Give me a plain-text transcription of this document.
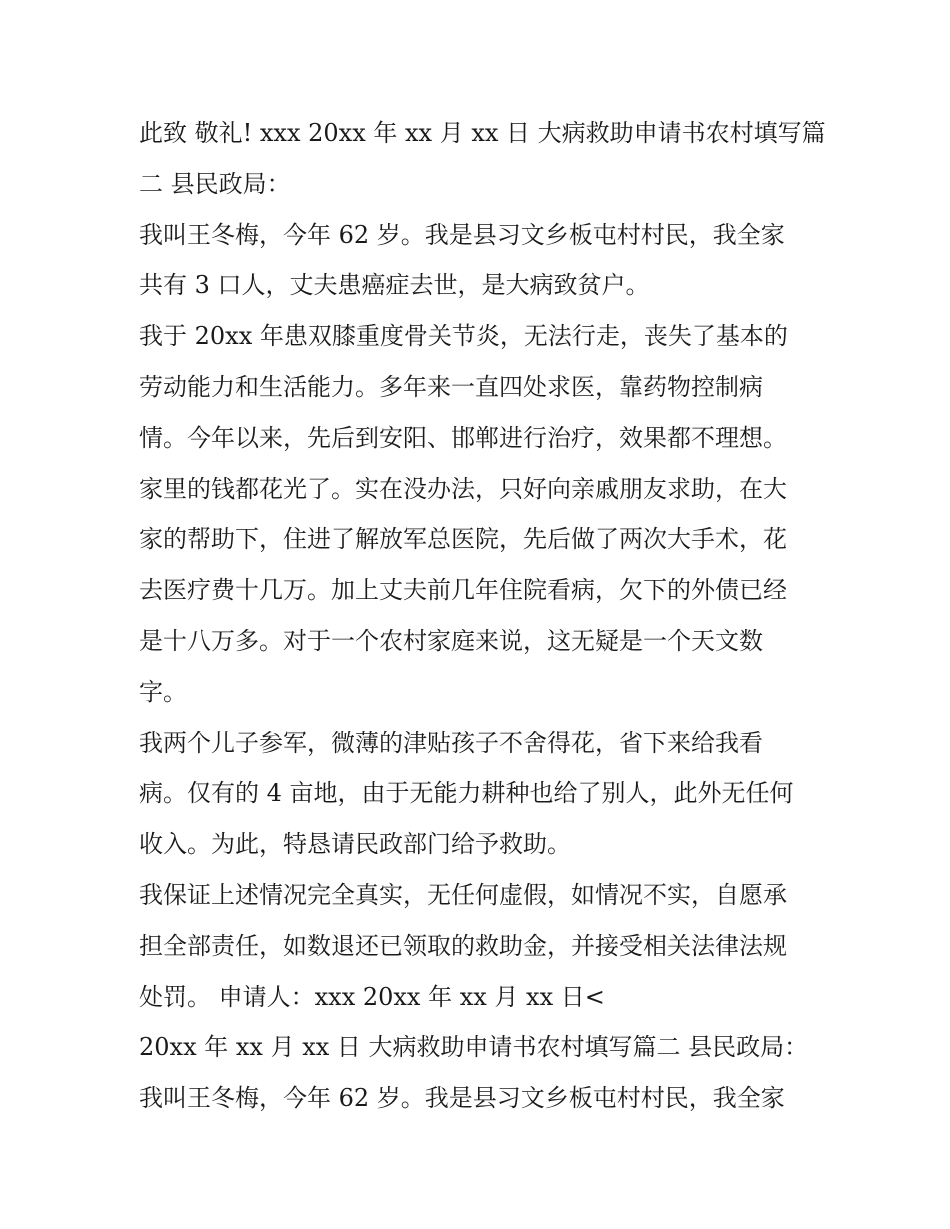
此致 敬礼! xxx 20xx 年 xx 月 xx 日 大病救助申请书农村填写篇
二 县民政局：
我叫王冬梅，今年 62 岁。我是县习文乡板屯村村民，我全家
共有 3 口人，丈夫患癌症去世，是大病致贫户。
我于 20xx 年患双膝重度骨关节炎，无法行走，丧失了基本的
劳动能力和生活能力。多年来一直四处求医，靠药物控制病
情。今年以来，先后到安阳、邯郸进行治疗，效果都不理想。
家里的钱都花光了。实在没办法，只好向亲戚朋友求助，在大
家的帮助下，住进了解放军总医院，先后做了两次大手术，花
去医疗费十几万。加上丈夫前几年住院看病，欠下的外债已经
是十八万多。对于一个农村家庭来说，这无疑是一个天文数
字。
我两个儿子参军，微薄的津贴孩子不舍得花，省下来给我看
病。仅有的 4 亩地，由于无能力耕种也给了别人，此外无任何
收入。为此，特恳请民政部门给予救助。
我保证上述情况完全真实，无任何虚假，如情况不实，自愿承
担全部责任，如数退还已领取的救助金，并接受相关法律法规
处罚。 申请人：xxx 20xx 年 xx 月 xx 日<
20xx 年 xx 月 xx 日 大病救助申请书农村填写篇二 县民政局：
我叫王冬梅，今年 62 岁。我是县习文乡板屯村村民，我全家
